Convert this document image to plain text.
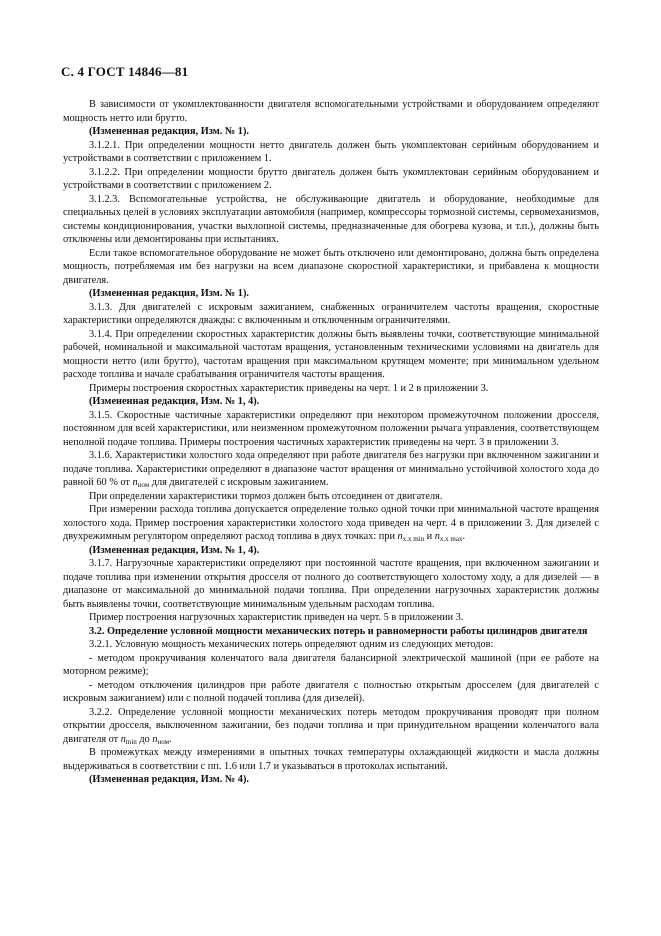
С. 4 ГОСТ 14846—81

В зависимости от укомплектованности двигателя вспомогательными устройствами и оборудованием определяют мощность нетто или брутто.

(Измененная редакция, Изм. № 1).

3.1.2.1. При определении мощности нетто двигатель должен быть укомплектован серийным оборудованием и устройствами в соответствии с приложением 1.

3.1.2.2. При определении мощности брутто двигатель должен быть укомплектован серийным оборудованием и устройствами в соответствии с приложением 2.

3.1.2.3. Вспомогательные устройства, не обслуживающие двигатель и оборудование, необходимые для специальных целей в условиях эксплуатации автомобиля (например, компрессоры тормозной системы, сервомеханизмов, системы кондиционирования, участки выхлопной системы, предназначенные для обогрева кузова, и т.п.), должны быть отключены или демонтированы при испытаниях.

Если такое вспомогательное оборудование не может быть отключено или демонтировано, должна быть определена мощность, потребляемая им без нагрузки на всем диапазоне скоростной характеристики, и прибавлена к мощности двигателя.

(Измененная редакция, Изм. № 1).

3.1.3. Для двигателей с искровым зажиганием, снабженных ограничителем частоты вращения, скоростные характеристики определяются дважды: с включенным и отключенным ограничителями.

3.1.4. При определении скоростных характеристик должны быть выявлены точки, соответствующие минимальной рабочей, номинальной и максимальной частотам вращения, установленным техническими условиями на двигатель для мощности нетто (или брутто), частотам вращения при максимальном крутящем моменте; при минимальном удельном расходе топлива и начале срабатывания ограничителя частоты вращения.

Примеры построения скоростных характеристик приведены на черт. 1 и 2 в приложении 3.

(Измененная редакция, Изм. № 1, 4).

3.1.5. Скоростные частичные характеристики определяют при некотором промежуточном положении дросселя, постоянном для всей характеристики, или неизменном промежуточном положении рычага управления, соответствующем неполной подаче топлива. Примеры построения частичных характеристик приведены на черт. 3 в приложении 3.

3.1.6. Характеристики холостого хода определяют при работе двигателя без нагрузки при включенном зажигании и подаче топлива. Характеристики определяют в диапазоне частот вращения от минимально устойчивой холостого хода до равной 60 % от $n_{ном}$ для двигателей с искровым зажиганием.

При определении характеристики тормоз должен быть отсоединен от двигателя.

При измерении расхода топлива допускается определение только одной точки при минимальной частоте вращения холостого хода. Пример построения характеристики холостого хода приведен на черт. 4 в приложении 3. Для дизелей с двухрежимным регулятором определяют расход топлива в двух точках: при $n_{х.х min}$ и $n_{х.х max}$.

(Измененная редакция, Изм. № 1, 4).

3.1.7. Нагрузочные характеристики определяют при постоянной частоте вращения, при включенном зажигании и подаче топлива при изменении открытия дросселя от полного до соответствующего холостому ходу, а для дизелей — в диапазоне от максимальной до минимальной подачи топлива. При определении нагрузочных характеристик должны быть выявлены точки, соответствующие минимальным удельным расходам топлива.

Пример построения нагрузочных характеристик приведен на черт. 5 в приложении 3.

3.2. Определение условной мощности механических потерь и равномерности работы цилиндров двигателя

3.2.1. Условную мощность механических потерь определяют одним из следующих методов:

- методом прокручивания коленчатого вала двигателя балансирной электрической машиной (при ее работе на моторном режиме);

- методом отключения цилиндров при работе двигателя с полностью открытым дросселем (для двигателей с искровым зажиганием) или с полной подачей топлива (для дизелей).

3.2.2. Определение условной мощности механических потерь методом прокручивания проводят при полном открытии дросселя, выключенном зажигании, без подачи топлива и при принудительном вращении коленчатого вала двигателя от $n_{min}$ до $n_{ном}$.

В промежутках между измерениями в опытных точках температуры охлаждающей жидкости и масла должны выдерживаться в соответствии с пп. 1.6 или 1.7 и указываться в протоколах испытаний.

(Измененная редакция, Изм. № 4).
